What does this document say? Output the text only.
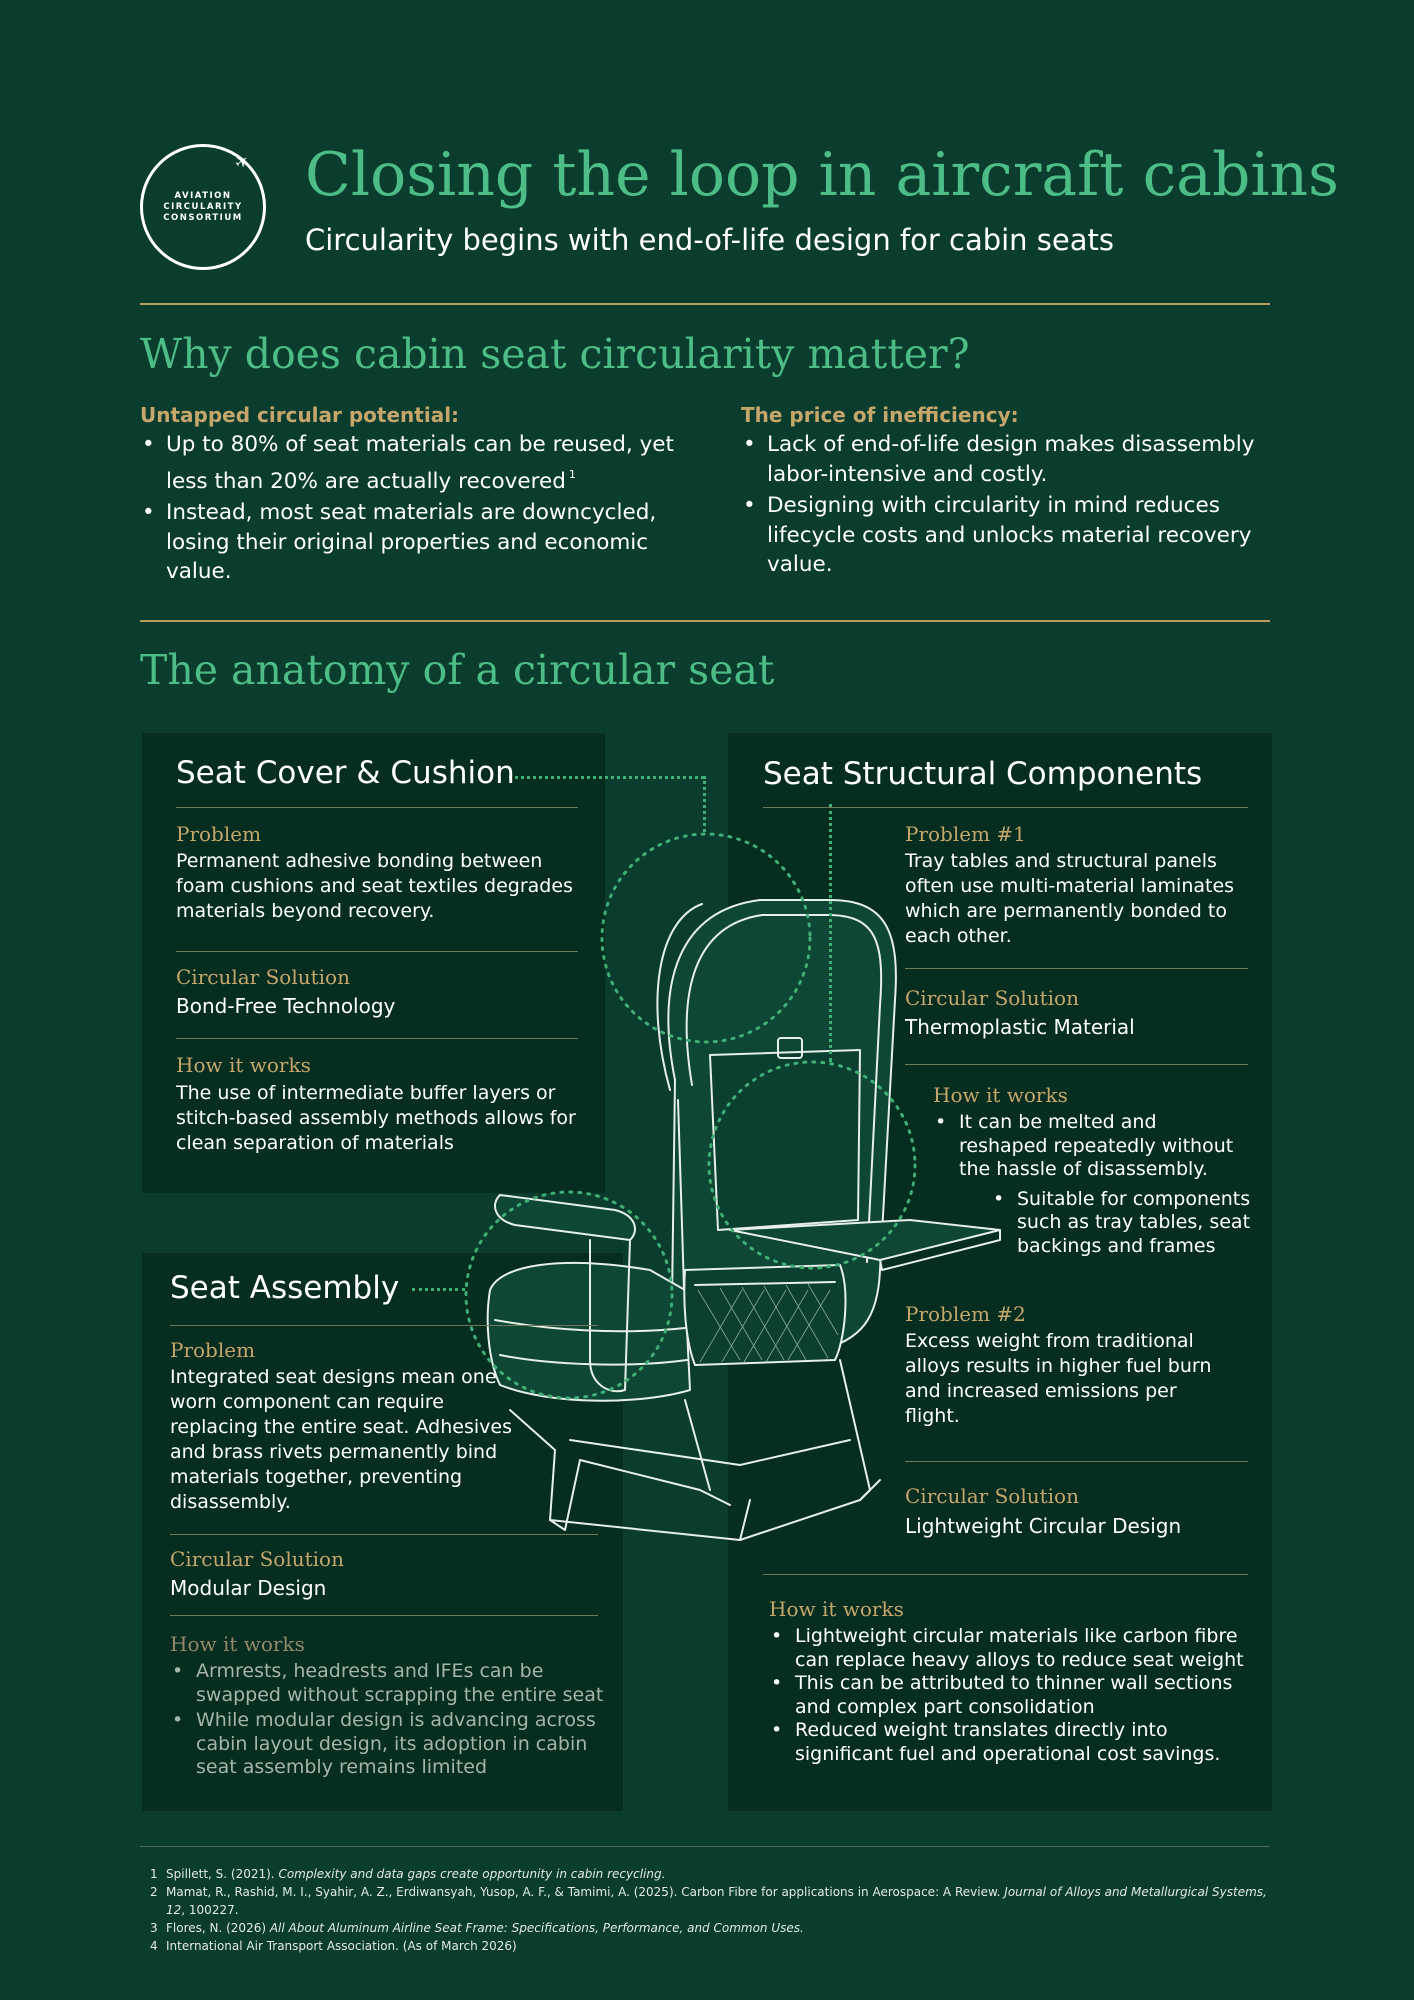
AVIATION
CIRCULARITY
CONSORTIUM
✈ Closing the loop in aircraft cabins
Circularity begins with end-of-life design for cabin seats
Why does cabin seat circularity matter?
Untapped circular potential:
• Up to 80% of seat materials can be reused, yet less than 20% are actually recovered $^1$
• Instead, most seat materials are downcycled, losing their original properties and economic value.
The price of inefficiency:
• Lack of end-of-life design makes disassembly labor-intensive and costly.
• Designing with circularity in mind reduces lifecycle costs and unlocks material recovery value.
The anatomy of a circular seat
Seat Cover & Cushion
Problem
Permanent adhesive bonding between foam cushions and seat textiles degrades materials beyond recovery.
Circular Solution
Bond-Free Technology
How it works
The use of intermediate buffer layers or stitch-based assembly methods allows for clean separation of materials
Seat Assembly
Problem
Integrated seat designs mean one worn component can require replacing the entire seat. Adhesives and brass rivets permanently bind materials together, preventing disassembly.
Circular Solution
Modular Design
How it works
• Armrests, headrests and IFEs can be swapped without scrapping the entire seat
• While modular design is advancing across cabin layout design, its adoption in cabin seat assembly remains limited
Seat Structural Components
Problem #1
Tray tables and structural panels often use multi-material laminates which are permanently bonded to each other.
Circular Solution
Thermoplastic Material
How it works
• It can be melted and reshaped repeatedly without the hassle of disassembly.
• Suitable for components such as tray tables, seat backings and frames
Problem #2
Excess weight from traditional alloys results in higher fuel burn and increased emissions per flight.
Circular Solution
Lightweight Circular Design
How it works
• Lightweight circular materials like carbon fibre can replace heavy alloys to reduce seat weight
• This can be attributed to thinner wall sections and complex part consolidation
• Reduced weight translates directly into significant fuel and operational cost savings.
1 Spillett, S. (2021). Complexity and data gaps create opportunity in cabin recycling.
2 Mamat, R., Rashid, M. I., Syahir, A. Z., Erdiwansyah, Yusop, A. F., & Tamimi, A. (2025). Carbon Fibre for applications in Aerospace: A Review. Journal of Alloys and Metallurgical Systems, 12, 100227.
3 Flores, N. (2026) All About Aluminum Airline Seat Frame: Specifications, Performance, and Common Uses.
4 International Air Transport Association. (As of March 2026)
